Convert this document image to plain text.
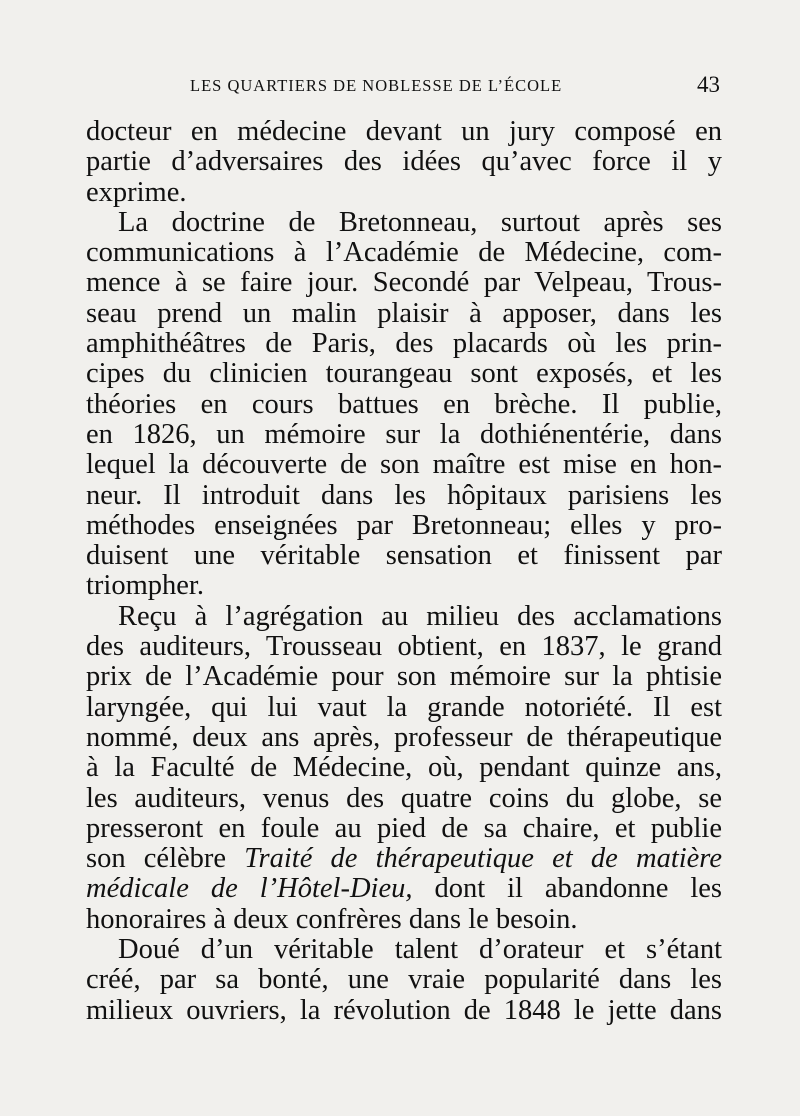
LES QUARTIERS DE NOBLESSE DE L’ÉCOLE	43
docteur en médecine devant un jury composé en
partie d’adversaires des idées qu’avec force il y
exprime.
La doctrine de Bretonneau, surtout après ses
communications à l’Académie de Médecine, com-
mence à se faire jour. Secondé par Velpeau, Trous-
seau prend un malin plaisir à apposer, dans les
amphithéâtres de Paris, des placards où les prin-
cipes du clinicien tourangeau sont exposés, et les
théories en cours battues en brèche. Il publie,
en 1826, un mémoire sur la dothiénentérie, dans
lequel la découverte de son maître est mise en hon-
neur. Il introduit dans les hôpitaux parisiens les
méthodes enseignées par Bretonneau; elles y pro-
duisent une véritable sensation et finissent par
triompher.
Reçu à l’agrégation au milieu des acclamations
des auditeurs, Trousseau obtient, en 1837, le grand
prix de l’Académie pour son mémoire sur la phtisie
laryngée, qui lui vaut la grande notoriété. Il est
nommé, deux ans après, professeur de thérapeutique
à la Faculté de Médecine, où, pendant quinze ans,
les auditeurs, venus des quatre coins du globe, se
presseront en foule au pied de sa chaire, et publie
son célèbre Traité de thérapeutique et de matière
médicale de l’Hôtel-Dieu, dont il abandonne les
honoraires à deux confrères dans le besoin.
Doué d’un véritable talent d’orateur et s’étant
créé, par sa bonté, une vraie popularité dans les
milieux ouvriers, la révolution de 1848 le jette dans
